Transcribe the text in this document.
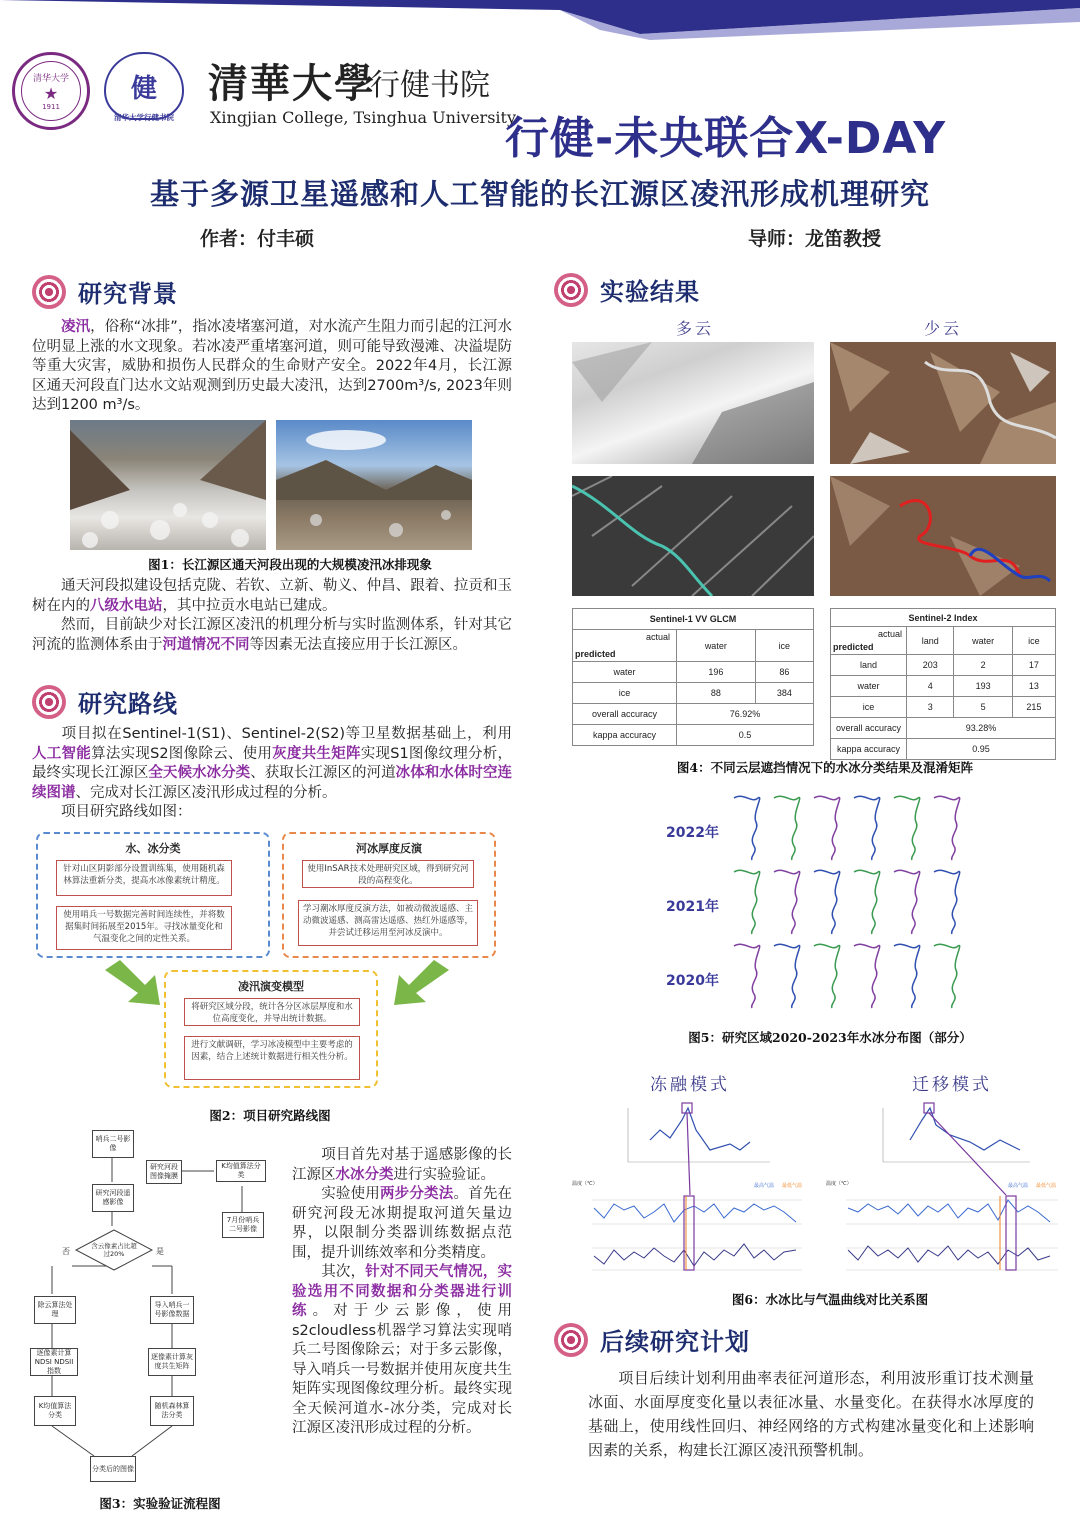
清华大学
★
1911
健
清华大学行健书院
清華大學
行健书院
Xingjian College, Tsinghua University
行健-未央联合X-DAY
基于多源卫星遥感和人工智能的长江源区凌汛形成机理研究
作者：付丰硕	导师：龙笛教授
研究背景
  凌汛，俗称“冰排”，指冰凌堵塞河道，对水流产生阻力而引起的江河水位明显上涨的水文现象。若冰凌严重堵塞河道，则可能导致漫滩、决溢堤防等重大灾害，威胁和损伤人民群众的生命财产安全。2022年4月，长江源区通天河段直门达水文站观测到历史最大凌汛，达到2700m³/s, 2023年则达到1200 m³/s。
图1：长江源区通天河段出现的大规模凌汛冰排现象
  通天河段拟建设包括克陇、若钦、立新、勒义、仲昌、跟着、拉贡和玉树在内的八级水电站，其中拉贡水电站已建成。
  然而，目前缺少对长江源区凌汛的机理分析与实时监测体系，针对其它河流的监测体系由于河道情况不同等因素无法直接应用于长江源区。
研究路线
  项目拟在Sentinel-1(S1)、Sentinel-2(S2)等卫星数据基础上，利用人工智能算法实现S2图像除云、使用灰度共生矩阵实现S1图像纹理分析，最终实现长江源区全天候水冰分类、获取长江源区的河道冰体和水体时空连续图谱、完成对长江源区凌汛形成过程的分析。
  项目研究路线如图：
水、冰分类
针对山区阴影部分设置训练集，使用随机森林算法重新分类，提高水冰像素统计精度。
使用哨兵一号数据完善时间连续性，并将数据集时间拓展至2015年。寻找冰量变化和气温变化之间的定性关系。
河冰厚度反演
使用InSAR技术处理研究区域，得到研究河段的高程变化。
学习潮冰厚度反演方法，如被动微波遥感、主动微波遥感、测高雷达遥感、热红外遥感等，并尝试迁移运用至河冰反演中。
凌汛演变模型
将研究区域分段，统计各分区冰层厚度和水位高度变化，并导出统计数据。
进行文献调研，学习冰凌模型中主要考虑的因素，结合上述统计数据进行相关性分析。
图2：项目研究路线图
哨兵二号影像
研究河段图像掩膜
K均值算法分类
研究河段遥感影像
7月份哨兵二号影像
含云像素占比超过20%
否	是
除云算法处理
导入哨兵一号影像数据
逐像素计算NDSI NDSII指数
逐像素计算灰度共生矩阵
K均值算法分类
随机森林算法分类
分类后的图像
图3：实验验证流程图
  项目首先对基于遥感影像的长江源区水冰分类进行实验验证。
  实验使用两步分类法。首先在研究河段无冰期提取河道矢量边界，以限制分类器训练数据点范围，提升训练效率和分类精度。
  其次，针对不同天气情况，实验选用不同数据和分类器进行训练。对于少云影像，使用s2cloudless机器学习算法实现哨兵二号图像除云；对于多云影像，导入哨兵一号数据并使用灰度共生矩阵实现图像纹理分析。最终实现全天候河道水-冰分类，完成对长江源区凌汛形成过程的分析。
实验结果
多云	少云
Sentinel-1 VV GLCM		

actual
predicted	water	ice
water	196	86
ice	88	384
overall accuracy	76.92%	
kappa accuracy	0.5	
Sentinel-2 Index			

actual
predicted	land	water	ice
land	203	2	17
water	4	193	13
ice	3	5	215
overall accuracy	93.28%		
kappa accuracy	0.95		
图4：不同云层遮挡情况下的水冰分类结果及混淆矩阵
2022年
2021年
2020年
图5：研究区域2020-2023年水冰分布图（部分）
冻融模式	迁移模式
温度（℃）	温度（℃）
最高气温 最低气温	最高气温 最低气温
图6：水冰比与气温曲线对比关系图
后续研究计划
  项目后续计划利用曲率表征河道形态，利用波形重订技术测量冰面、水面厚度变化量以表征冰量、水量变化。在获得水冰厚度的基础上，使用线性回归、神经网络的方式构建冰量变化和上述影响因素的关系，构建长江源区凌汛预警机制。
